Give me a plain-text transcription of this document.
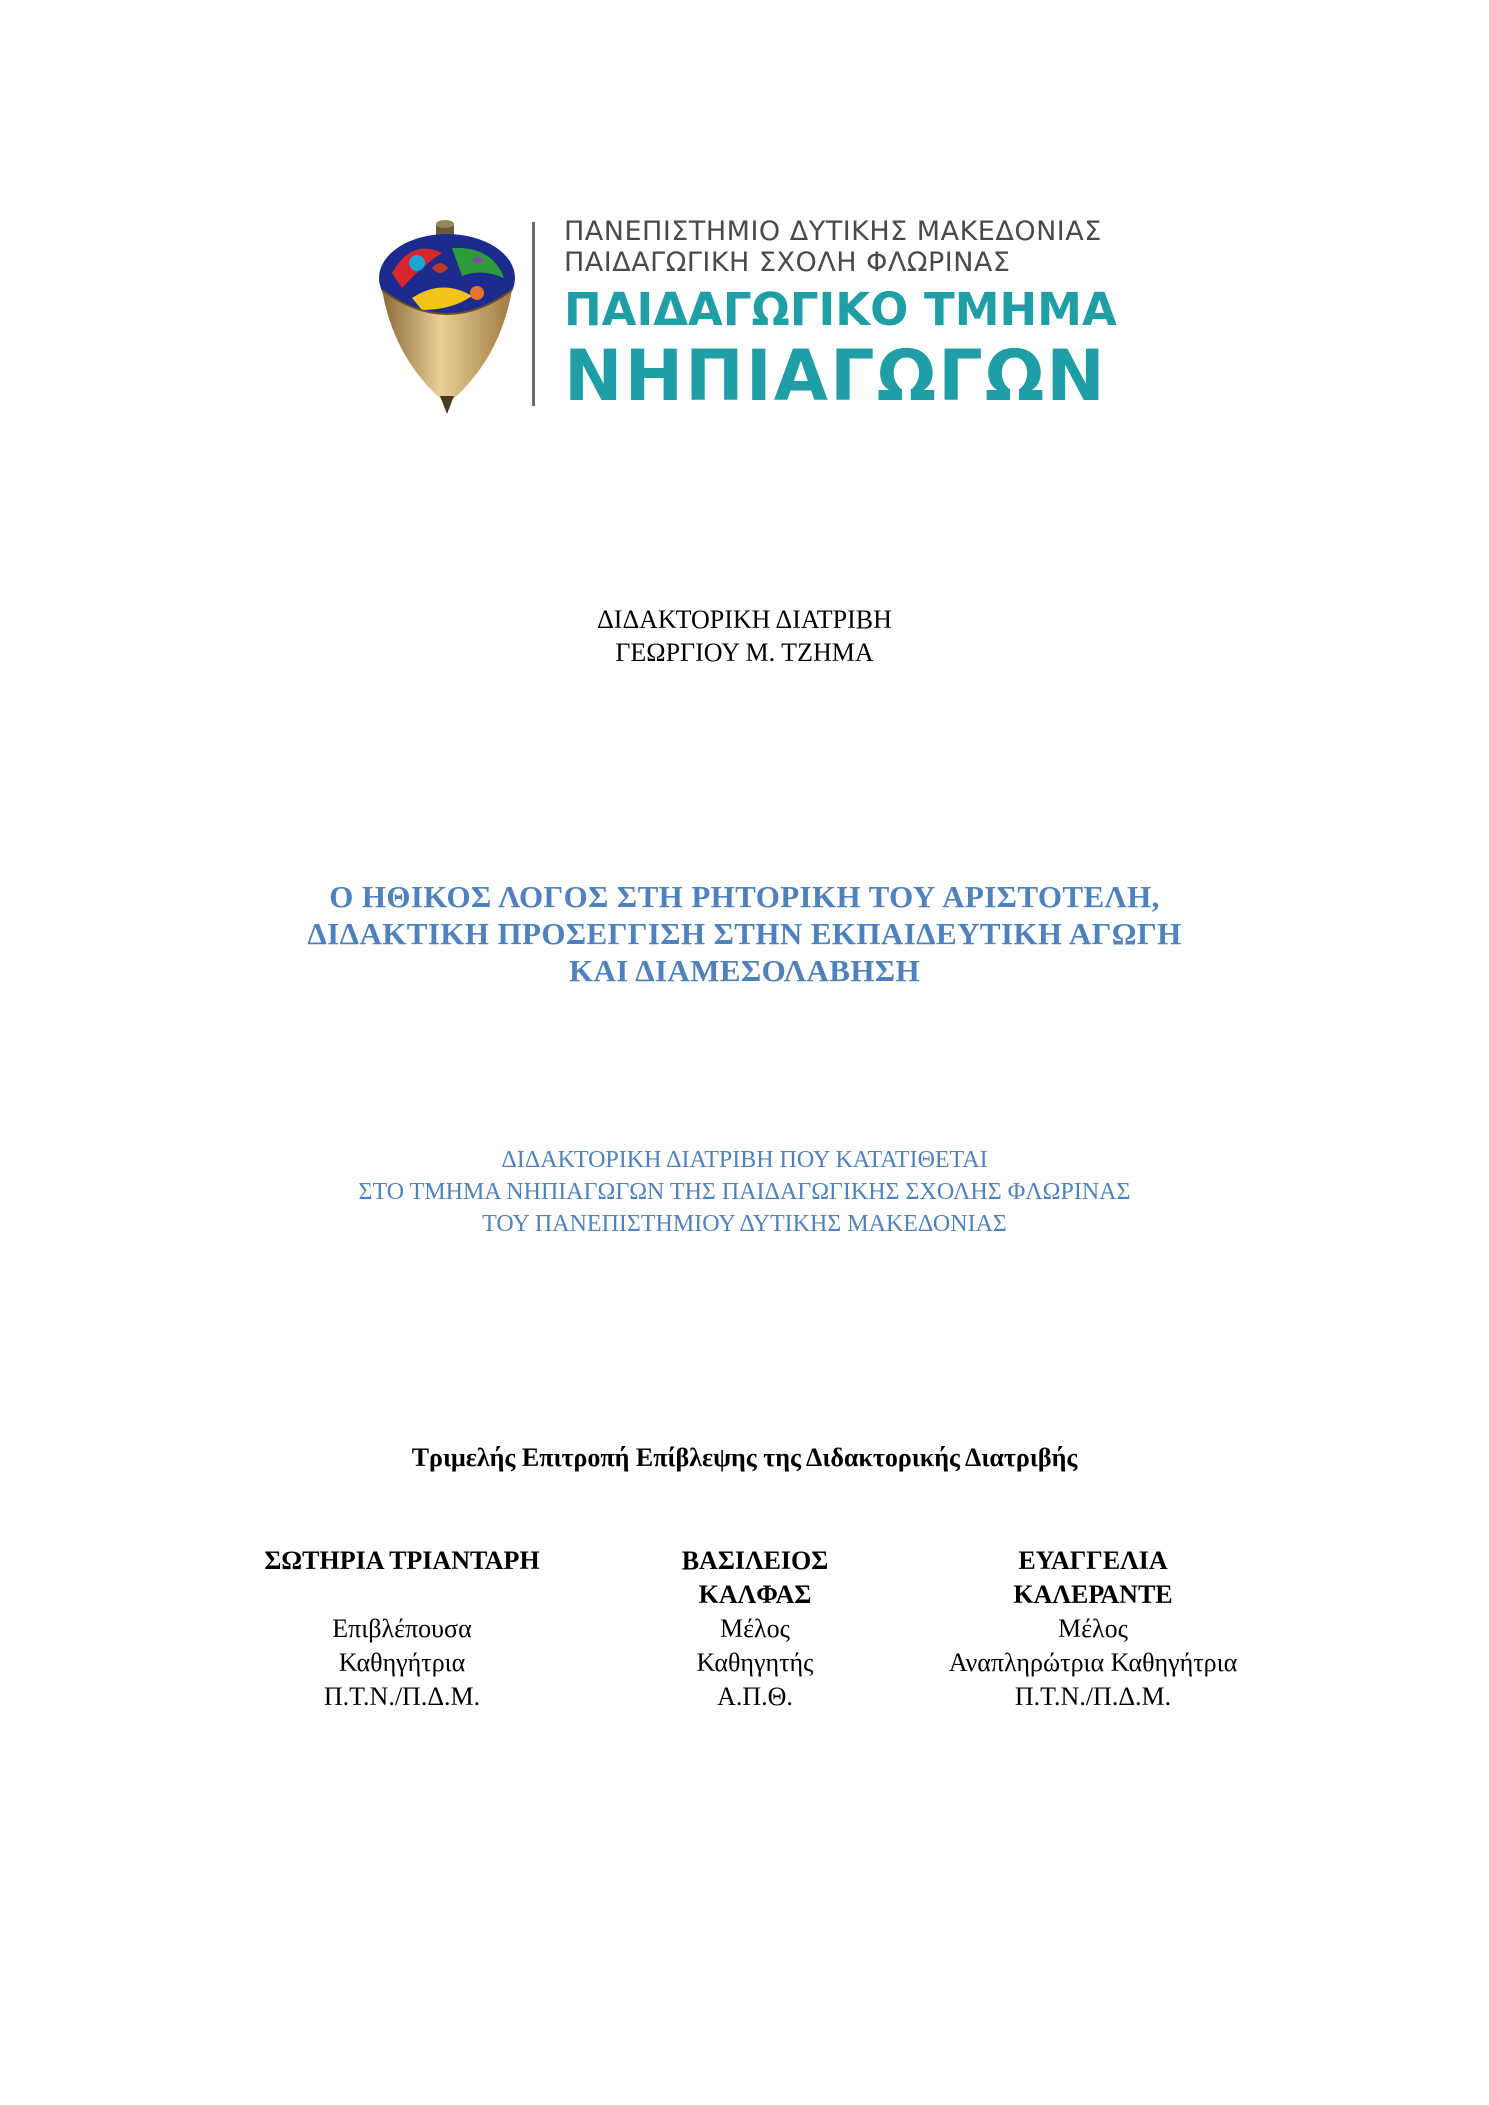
ΠΑΝΕΠΙΣΤΗΜΙΟ ΔΥΤΙΚΗΣ ΜΑΚΕΔΟΝΙΑΣ
ΠΑΙΔΑΓΩΓΙΚΗ ΣΧΟΛΗ ΦΛΩΡΙΝΑΣ
ΠΑΙΔΑΓΩΓΙΚΟ ΤΜΗΜΑ
ΝΗΠΙΑΓΩΓΩΝ
ΔΙΔΑΚΤΟΡΙΚΗ ΔΙΑΤΡΙΒΗ
ΓΕΩΡΓΙΟΥ Μ. ΤΖΗΜΑ
Ο ΗΘΙΚΟΣ ΛΟΓΟΣ ΣΤΗ ΡΗΤΟΡΙΚΗ ΤΟΥ ΑΡΙΣΤΟΤΕΛΗ,
ΔΙΔΑΚΤΙΚΗ ΠΡΟΣΕΓΓΙΣΗ ΣΤΗΝ ΕΚΠΑΙΔΕΥΤΙΚΗ ΑΓΩΓΗ
ΚΑΙ ΔΙΑΜΕΣΟΛΑΒΗΣΗ
ΔΙΔΑΚΤΟΡΙΚΗ ΔΙΑΤΡΙΒΗ ΠΟΥ ΚΑΤΑΤΙΘΕΤΑΙ
ΣΤΟ ΤΜΗΜΑ ΝΗΠΙΑΓΩΓΩΝ ΤΗΣ ΠΑΙΔΑΓΩΓΙΚΗΣ ΣΧΟΛΗΣ ΦΛΩΡΙΝΑΣ
ΤΟΥ ΠΑΝΕΠΙΣΤΗΜΙΟΥ ΔΥΤΙΚΗΣ ΜΑΚΕΔΟΝΙΑΣ
Τριμελής Επιτροπή Επίβλεψης της Διδακτορικής Διατριβής
ΣΩΤΗΡΙΑ ΤΡΙΑΝΤΑΡΗ
Επιβλέπουσα
Καθηγήτρια
Π.Τ.Ν./Π.Δ.Μ.
ΒΑΣΙΛΕΙΟΣ
ΚΑΛΦΑΣ
Μέλος
Καθηγητής
Α.Π.Θ.
ΕΥΑΓΓΕΛΙΑ
ΚΑΛΕΡΑΝΤΕ
Μέλος
Αναπληρώτρια Καθηγήτρια
Π.Τ.Ν./Π.Δ.Μ.
